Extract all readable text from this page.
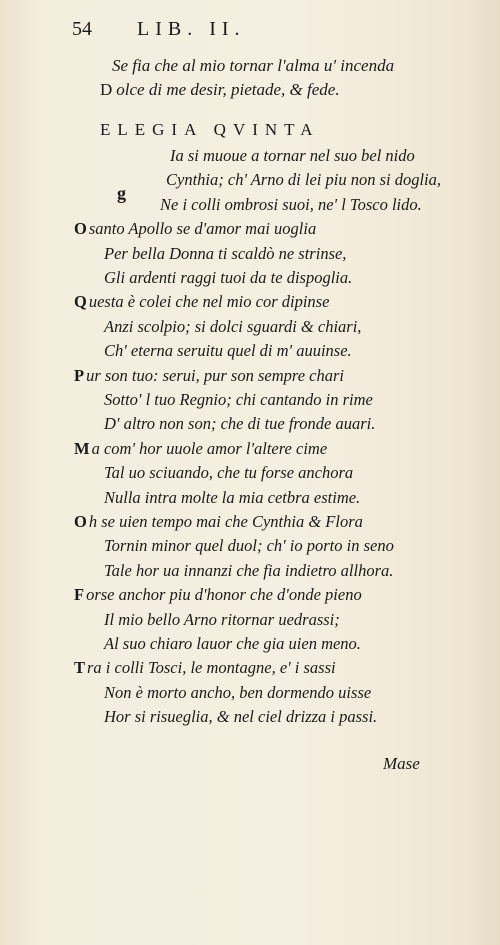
54 LIB. II.
Se fia che al mio tornar l'alma u' incenda
D olce di me desir, pietade, & fede.
ELEGIA QVINTA
g
Ia si muoue a tornar nel suo bel nido
Cynthia; ch' Arno di lei piu non si doglia,
Ne i colli ombrosi suoi, ne' l Tosco lido.
O santo Apollo se d'amor mai uoglia
Per bella Donna ti scaldò ne strinse,
Gli ardenti raggi tuoi da te dispoglia.
Q uesta è colei che nel mio cor dipinse
Anzi scolpio; si dolci sguardi & chiari,
Ch' eterna seruitu quel di m' auuinse.
P ur son tuo: serui, pur son sempre chari
Sotto' l tuo Regnio; chi cantando in rime
D' altro non son; che di tue fronde auari.
M a com' hor uuole amor l'altere cime
Tal uo sciuando, che tu forse anchora
Nulla intra molte la mia cetbra estime.
O h se uien tempo mai che Cynthia & Flora
Tornin minor quel duol; ch' io porto in seno
Tale hor ua innanzi che fia indietro allhora.
F orse anchor piu d'honor che d'onde pieno
Il mio bello Arno ritornar uedrassi;
Al suo chiaro lauor che gia uien meno.
T ra i colli Tosci, le montagne, e' i sassi
Non è morto ancho, ben dormendo uisse
Hor si risueglia, & nel ciel drizza i passi.
Mase
